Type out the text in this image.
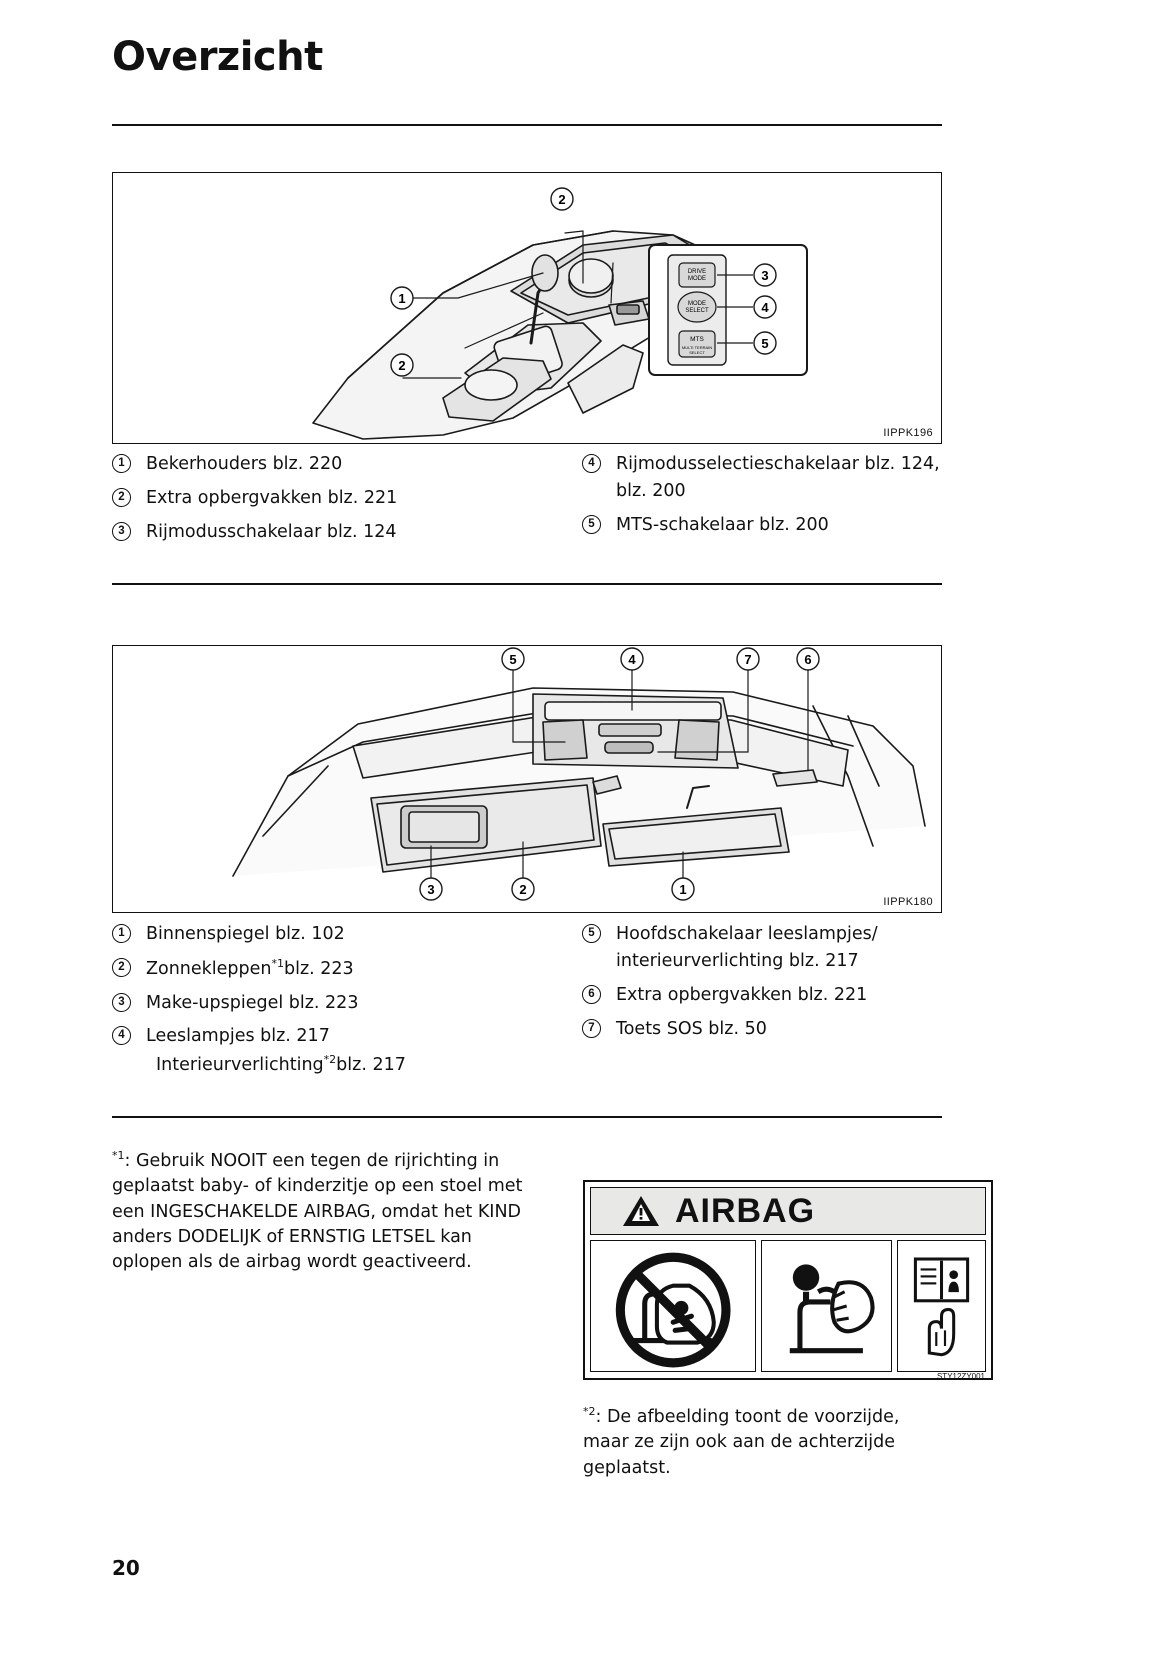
Overzicht
DRIVE
MODE
MODE
SELECT
MTS
MULTI TERRAIN
SELECT
2
1
2
3
4
5
IIPPK196
1	Bekerhouders blz. 220
2	Extra opbergvakken blz. 221
3	Rijmodusschakelaar blz. 124
4	Rijmodusselectieschakelaar blz. 124,
blz. 200
5	MTS-schakelaar blz. 200
5	4	7	6
3	2	1
IIPPK180
1	Binnenspiegel blz. 102
2	Zonnekleppen$^{*1}$blz. 223
3	Make-upspiegel blz. 223
4	Leeslampjes blz. 217
Interieurverlichting$^{*2}$blz. 217
5	Hoofdschakelaar leeslampjes/
interieurverlichting blz. 217
6	Extra opbergvakken blz. 221
7	Toets SOS blz. 50
$^{*1}$: Gebruik NOOIT een tegen de rijrichting in geplaatst baby- of kinderzitje op een stoel met een INGESCHAKELDE AIRBAG, omdat het KIND anders DODELIJK of ERNSTIG LETSEL kan oplopen als de airbag wordt geactiveerd.
AIRBAG
STY12ZY001
$^{*2}$: De afbeelding toont de voorzijde, maar ze zijn ook aan de achterzijde geplaatst.
20
